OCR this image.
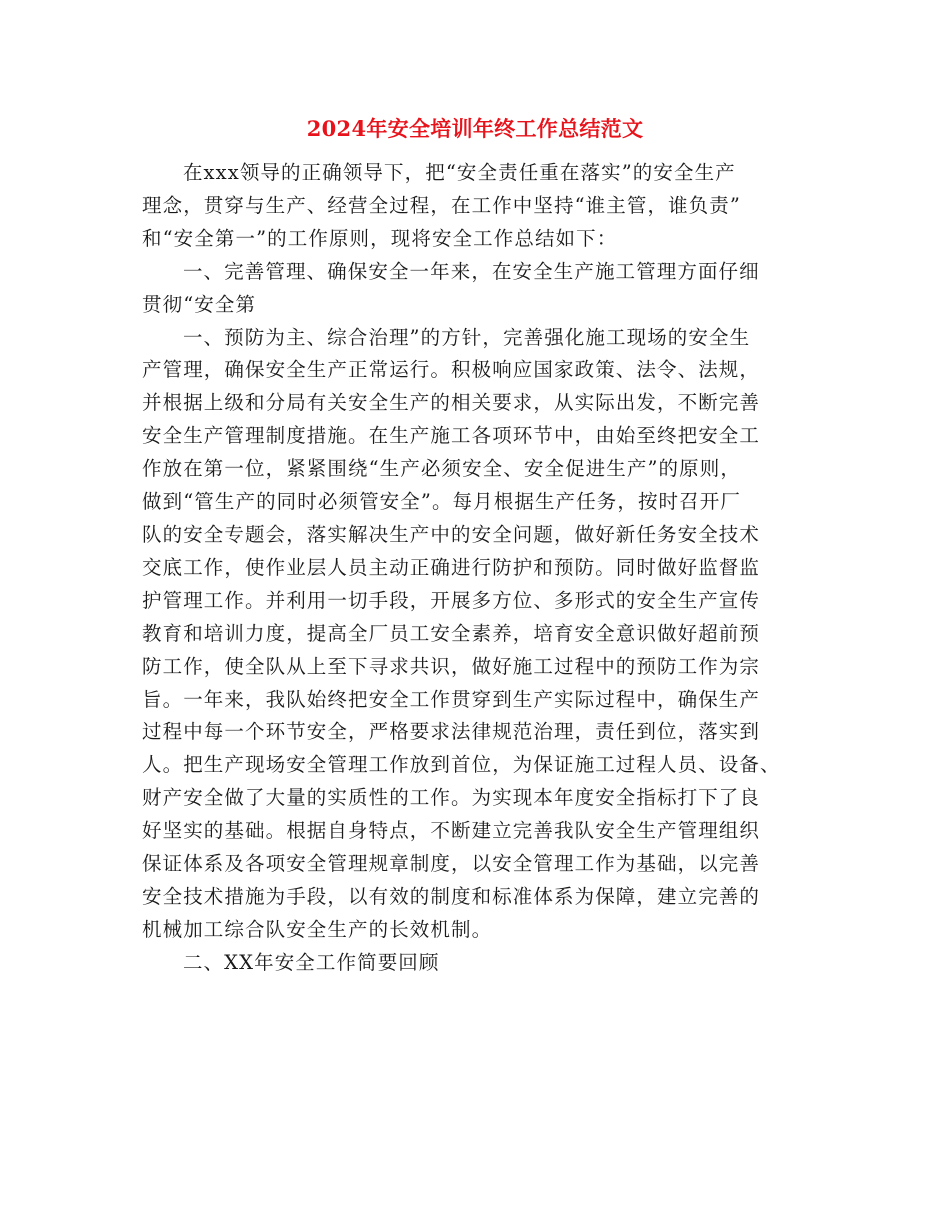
2024年安全培训年终工作总结范文

在xxx领导的正确领导下，把“安全责任重在落实”的安全生产
理念，贯穿与生产、经营全过程，在工作中坚持“谁主管，谁负责”
和“安全第一”的工作原则，现将安全工作总结如下：

一、完善管理、确保安全一年来，在安全生产施工管理方面仔细
贯彻“安全第

一、预防为主、综合治理”的方针，完善强化施工现场的安全生
产管理，确保安全生产正常运行。积极响应国家政策、法令、法规，
并根据上级和分局有关安全生产的相关要求，从实际出发，不断完善
安全生产管理制度措施。在生产施工各项环节中，由始至终把安全工
作放在第一位，紧紧围绕“生产必须安全、安全促进生产”的原则，
做到“管生产的同时必须管安全”。每月根据生产任务，按时召开厂
队的安全专题会，落实解决生产中的安全问题，做好新任务安全技术
交底工作，使作业层人员主动正确进行防护和预防。同时做好监督监
护管理工作。并利用一切手段，开展多方位、多形式的安全生产宣传
教育和培训力度，提高全厂员工安全素养，培育安全意识做好超前预
防工作，使全队从上至下寻求共识，做好施工过程中的预防工作为宗
旨。一年来，我队始终把安全工作贯穿到生产实际过程中，确保生产
过程中每一个环节安全，严格要求法律规范治理，责任到位，落实到
人。把生产现场安全管理工作放到首位，为保证施工过程人员、设备、
财产安全做了大量的实质性的工作。为实现本年度安全指标打下了良
好坚实的基础。根据自身特点，不断建立完善我队安全生产管理组织
保证体系及各项安全管理规章制度，以安全管理工作为基础，以完善
安全技术措施为手段，以有效的制度和标准体系为保障，建立完善的
机械加工综合队安全生产的长效机制。

二、XX年安全工作简要回顾
